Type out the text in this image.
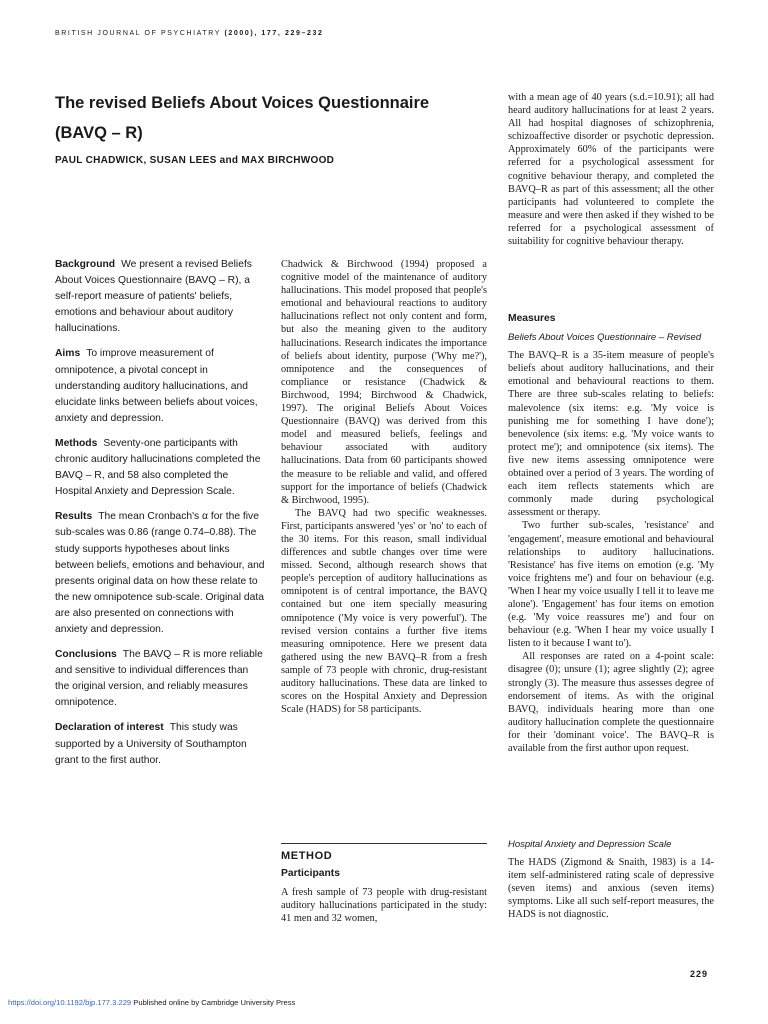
BRITISH JOURNAL OF PSYCHIATRY (2000), 177, 229–232
The revised Beliefs About Voices Questionnaire
(BAVQ – R)
PAUL CHADWICK, SUSAN LEES and MAX BIRCHWOOD

Background We present a revised Beliefs About Voices Questionnaire (BAVQ – R), a self-report measure of patients' beliefs, emotions and behaviour about auditory hallucinations.

Aims To improve measurement of omnipotence, a pivotal concept in understanding auditory hallucinations, and elucidate links between beliefs about voices, anxiety and depression.

Methods Seventy-one participants with chronic auditory hallucinations completed the BAVQ – R, and 58 also completed the Hospital Anxiety and Depression Scale.

Results The mean Cronbach's α for the five sub-scales was 0.86 (range 0.74–0.88). The study supports hypotheses about links between beliefs, emotions and behaviour, and presents original data on how these relate to the new omnipotence sub-scale. Original data are also presented on connections with anxiety and depression.

Conclusions The BAVQ – R is more reliable and sensitive to individual differences than the original version, and reliably measures omnipotence.

Declaration of interest This study was supported by a University of Southampton grant to the first author.

Chadwick & Birchwood (1994) proposed a cognitive model of the maintenance of auditory hallucinations. This model proposed that people's emotional and behavioural reactions to auditory hallucinations reflect not only content and form, but also the meaning given to the auditory hallucinations. Research indicates the importance of beliefs about identity, purpose ('Why me?'), omnipotence and the consequences of compliance or resistance (Chadwick & Birchwood, 1994; Birchwood & Chadwick, 1997). The original Beliefs About Voices Questionnaire (BAVQ) was derived from this model and measured beliefs, feelings and behaviour associated with auditory hallucinations. Data from 60 participants showed the measure to be reliable and valid, and offered support for the importance of beliefs (Chadwick & Birchwood, 1995).

The BAVQ had two specific weaknesses. First, participants answered 'yes' or 'no' to each of the 30 items. For this reason, small individual differences and subtle changes over time were missed. Second, although research shows that people's perception of auditory hallucinations as omnipotent is of central importance, the BAVQ contained but one item specially measuring omnipotence ('My voice is very powerful'). The revised version contains a further five items measuring omnipotence. Here we present data gathered using the new BAVQ–R from a fresh sample of 73 people with chronic, drug-resistant auditory hallucinations. These data are linked to scores on the Hospital Anxiety and Depression Scale (HADS) for 58 participants.

METHOD
Participants

A fresh sample of 73 people with drug-resistant auditory hallucinations participated in the study: 41 men and 32 women,

with a mean age of 40 years (s.d.=10.91); all had heard auditory hallucinations for at least 2 years. All had hospital diagnoses of schizophrenia, schizoaffective disorder or psychotic depression. Approximately 60% of the participants were referred for a psychological assessment for cognitive behaviour therapy, and completed the BAVQ–R as part of this assessment; all the other participants had volunteered to complete the measure and were then asked if they wished to be referred for a psychological assessment of suitability for cognitive behaviour therapy.

Measures
Beliefs About Voices Questionnaire – Revised

The BAVQ–R is a 35-item measure of people's beliefs about auditory hallucinations, and their emotional and behavioural reactions to them. There are three sub-scales relating to beliefs: malevolence (six items: e.g. 'My voice is punishing me for something I have done'); benevolence (six items: e.g. 'My voice wants to protect me'); and omnipotence (six items). The five new items assessing omnipotence were obtained over a period of 3 years. The wording of each item reflects statements which are commonly made during psychological assessment or therapy.

Two further sub-scales, 'resistance' and 'engagement', measure emotional and behavioural relationships to auditory hallucinations. 'Resistance' has five items on emotion (e.g. 'My voice frightens me') and four on behaviour (e.g. 'When I hear my voice usually I tell it to leave me alone'). 'Engagement' has four items on emotion (e.g. 'My voice reassures me') and four on behaviour (e.g. 'When I hear my voice usually I listen to it because I want to').

All responses are rated on a 4-point scale: disagree (0); unsure (1); agree slightly (2); agree strongly (3). The measure thus assesses degree of endorsement of items. As with the original BAVQ, individuals hearing more than one auditory hallucination complete the questionnaire for their 'dominant voice'. The BAVQ–R is available from the first author upon request.

Hospital Anxiety and Depression Scale

The HADS (Zigmond & Snaith, 1983) is a 14-item self-administered rating scale of depressive (seven items) and anxious (seven items) symptoms. Like all such self-report measures, the HADS is not diagnostic.

229
https://doi.org/10.1192/bjp.177.3.229 Published online by Cambridge University Press
